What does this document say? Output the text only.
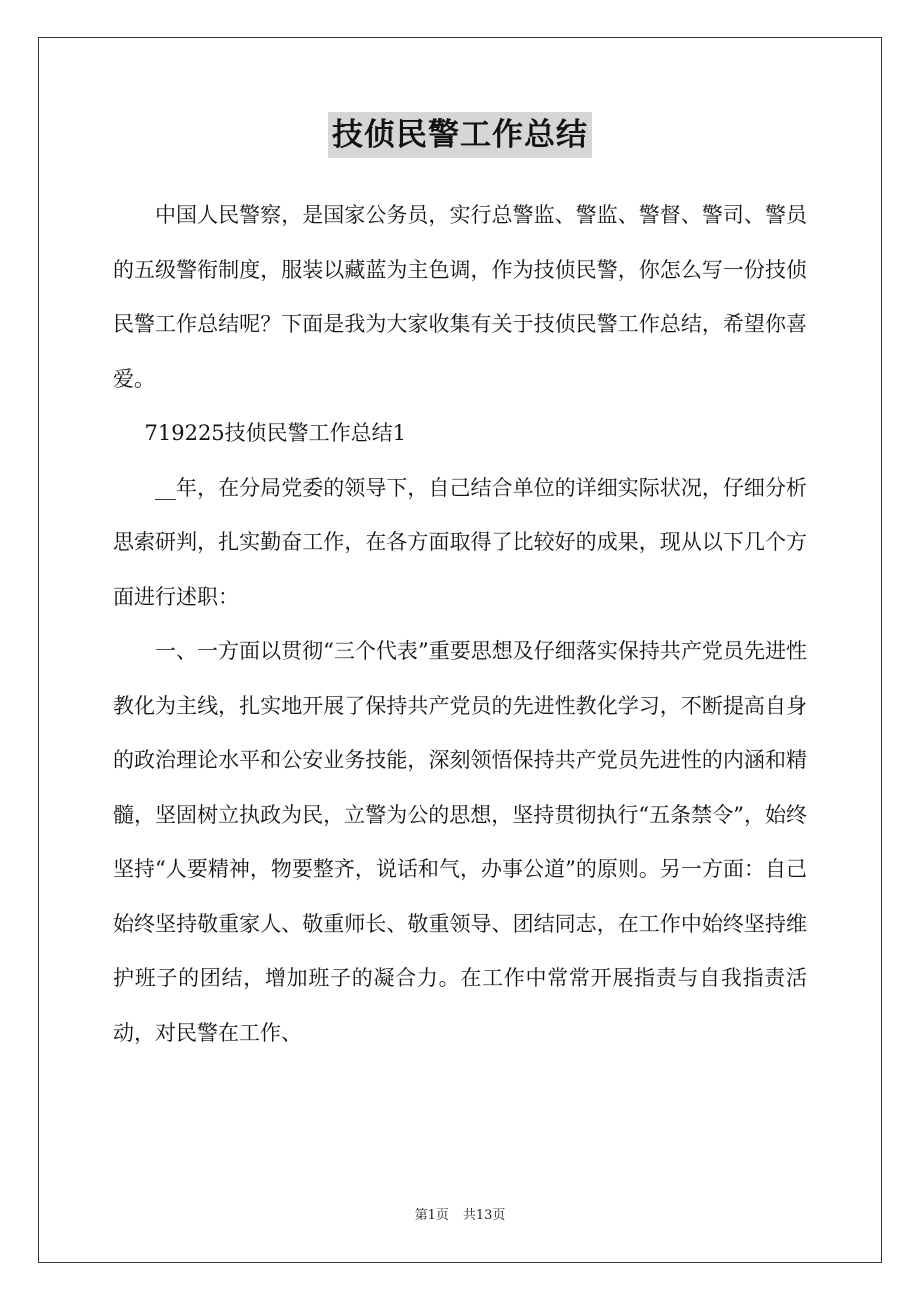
技侦民警工作总结

中国人民警察，是国家公务员，实行总警监、警监、警督、警司、警员的五级警衔制度，服装以藏蓝为主色调，作为技侦民警，你怎么写一份技侦民警工作总结呢？下面是我为大家收集有关于技侦民警工作总结，希望你喜爱。

719225技侦民警工作总结1

__年，在分局党委的领导下，自己结合单位的详细实际状况，仔细分析思索研判，扎实勤奋工作，在各方面取得了比较好的成果，现从以下几个方面进行述职：

一、一方面以贯彻“三个代表”重要思想及仔细落实保持共产党员先进性教化为主线，扎实地开展了保持共产党员的先进性教化学习，不断提高自身的政治理论水平和公安业务技能，深刻领悟保持共产党员先进性的内涵和精髓，坚固树立执政为民，立警为公的思想，坚持贯彻执行“五条禁令”，始终坚持“人要精神，物要整齐，说话和气，办事公道”的原则。另一方面：自己始终坚持敬重家人、敬重师长、敬重领导、团结同志，在工作中始终坚持维护班子的团结，增加班子的凝合力。在工作中常常开展指责与自我指责活动，对民警在工作、

第1页 共13页
